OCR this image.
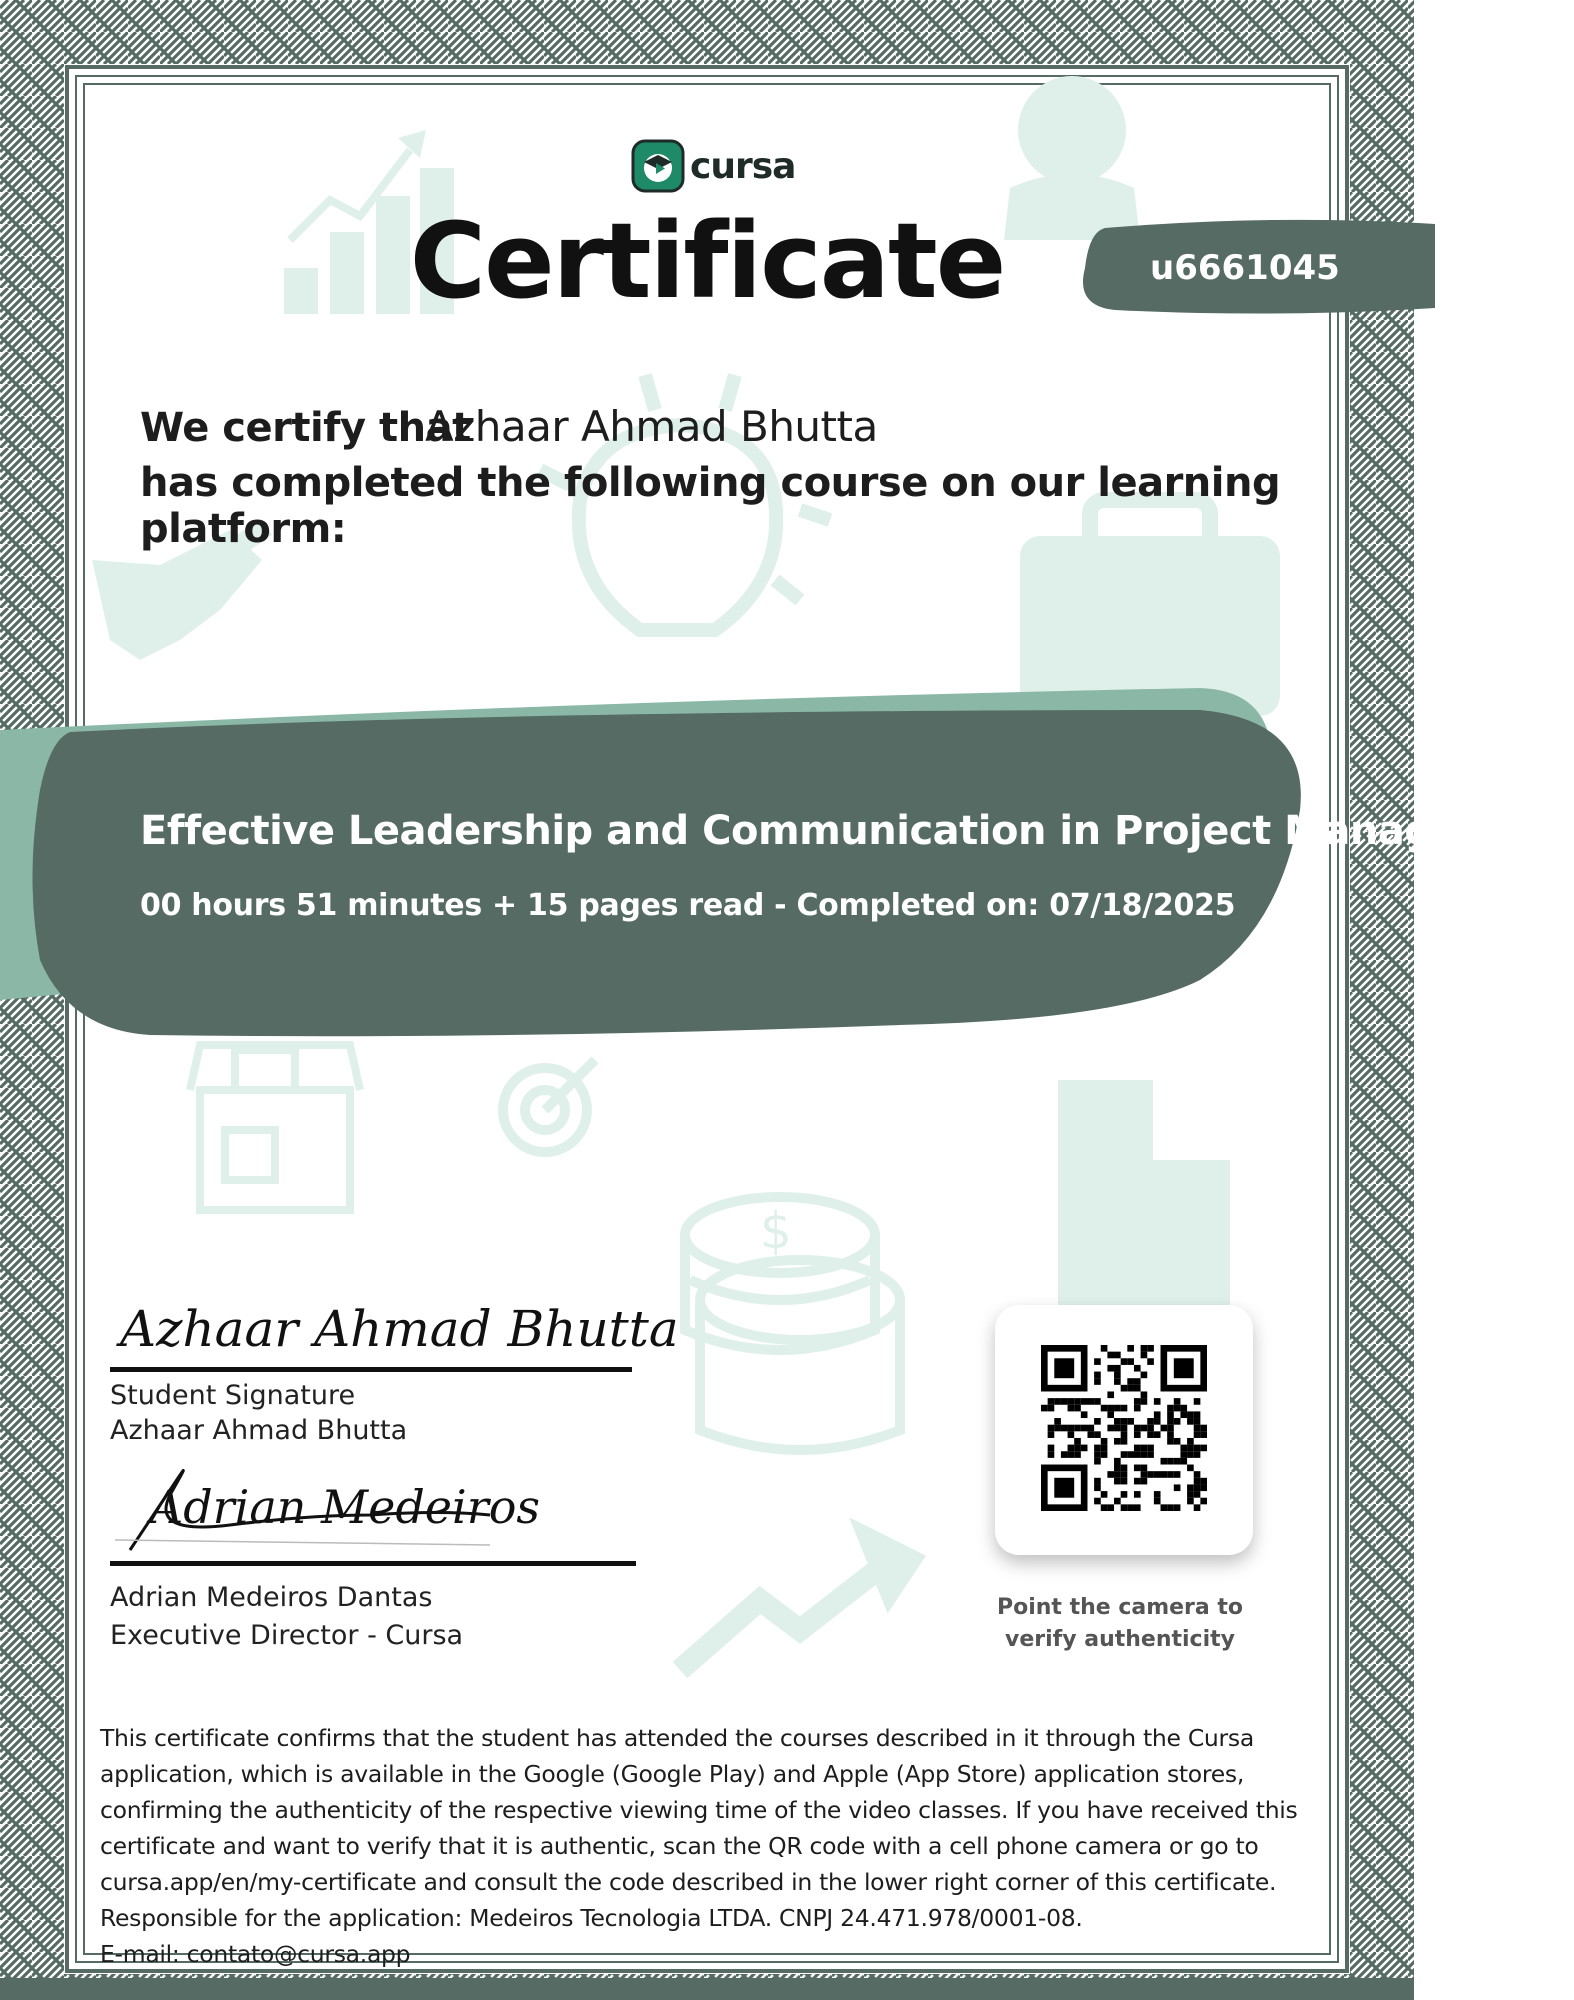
$
cursa
Certificate	u6661045
We certify that
Azhaar Ahmad Bhutta
has completed the following course on our learning platform:
Effective Leadership and Communication in Project Management
00 hours 51 minutes + 15 pages read - Completed on: 07/18/2025
Azhaar Ahmad Bhutta
Student Signature
Azhaar Ahmad Bhutta
Adrian Medeiros
Adrian Medeiros Dantas
Executive Director - Cursa
Point the camera to
verify authenticity

This certificate confirms that the student has attended the courses described in it through the Cursa

application, which is available in the Google (Google Play) and Apple (App Store) application stores,

confirming the authenticity of the respective viewing time of the video classes. If you have received this

certificate and want to verify that it is authentic, scan the QR code with a cell phone camera or go to

cursa.app/en/my-certificate and consult the code described in the lower right corner of this certificate.

Responsible for the application: Medeiros Tecnologia LTDA. CNPJ 24.471.978/0001-08.

E-mail: contato@cursa.app
